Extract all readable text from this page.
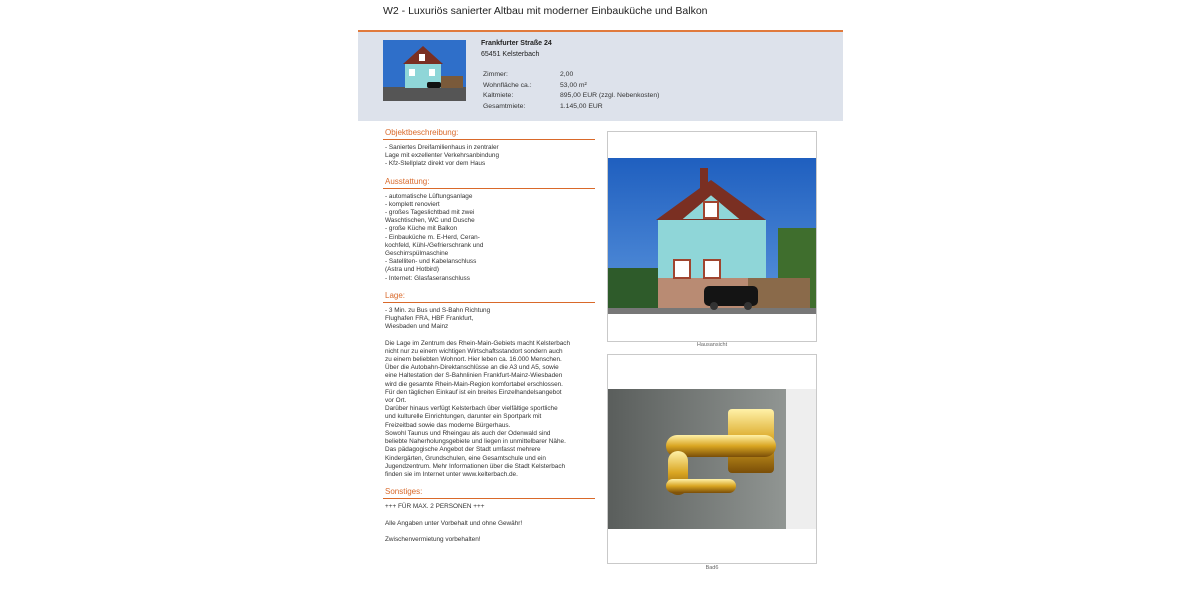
W2 - Luxuriös sanierter Altbau mit moderner Einbauküche und Balkon
Frankfurter Straße 24
65451 Kelsterbach
Zimmer:	2,00
Wohnfläche ca.:	53,00 m²
Kaltmiete:	895,00 EUR (zzgl. Nebenkosten)
Gesamtmiete:	1.145,00 EUR
Objektbeschreibung:
- Saniertes Dreifamilienhaus in zentraler
Lage mit exzellenter Verkehrsanbindung
- Kfz-Stellplatz direkt vor dem Haus
Ausstattung:
- automatische Lüftungsanlage
- komplett renoviert
- großes Tageslichtbad mit zwei
Waschtischen, WC und Dusche
- große Küche mit Balkon
- Einbauküche m. E-Herd, Ceran-
kochfeld, Kühl-/Gefrierschrank und
Geschirrspülmaschine
- Satelliten- und Kabelanschluss
(Astra und Hotbird)
- Internet: Glasfaseranschluss
Lage:
- 3 Min. zu Bus und S-Bahn Richtung
Flughafen FRA, HBF Frankfurt,
Wiesbaden und Mainz

Die Lage im Zentrum des Rhein-Main-Gebiets macht Kelsterbach
nicht nur zu einem wichtigen Wirtschaftsstandort sondern auch
zu einem beliebten Wohnort. Hier leben ca. 16.000 Menschen.
Über die Autobahn-Direktanschlüsse an die A3 und A5, sowie
eine Haltestation der S-Bahnlinien Frankfurt-Mainz-Wiesbaden
wird die gesamte Rhein-Main-Region komfortabel erschlossen.
Für den täglichen Einkauf ist ein breites Einzelhandelsangebot
vor Ort.
Darüber hinaus verfügt Kelsterbach über vielfältige sportliche
und kulturelle Einrichtungen, darunter ein Sportpark mit
Freizeitbad sowie das moderne Bürgerhaus.
Sowohl Taunus und Rheingau als auch der Odenwald sind
beliebte Naherholungsgebiete und liegen in unmittelbarer Nähe.
Das pädagogische Angebot der Stadt umfasst mehrere
Kindergärten, Grundschulen, eine Gesamtschule und ein
Jugendzentrum. Mehr Informationen über die Stadt Kelsterbach
finden sie im Internet unter www.kelterbach.de.
Sonstiges:
+++ FÜR MAX. 2 PERSONEN +++

Alle Angaben unter Vorbehalt und ohne Gewähr!

Zwischenvermietung vorbehalten!
Hausansicht
Bad6
